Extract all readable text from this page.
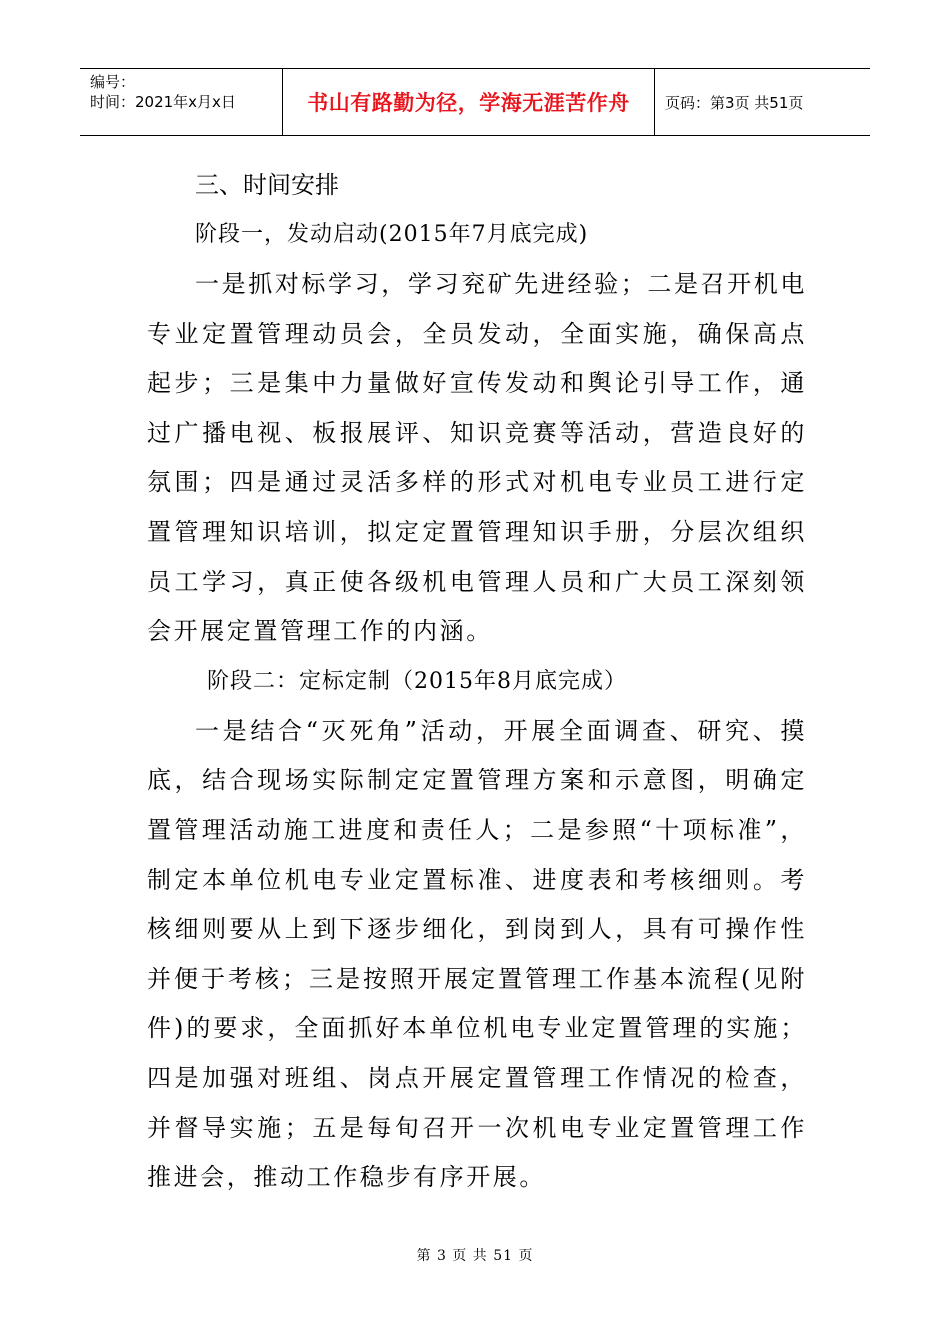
编号：
时间：2021年x月x日	书山有路勤为径，学海无涯苦作舟	页码：第3页 共51页
三、时间安排
阶段一，发动启动(2015年7月底完成)

一是抓对标学习，学习兖矿先进经验；二是召开机电专业定置管理动员会，全员发动，全面实施，确保高点起步；三是集中力量做好宣传发动和舆论引导工作，通过广播电视、板报展评、知识竞赛等活动，营造良好的氛围；四是通过灵活多样的形式对机电专业员工进行定置管理知识培训，拟定定置管理知识手册，分层次组织员工学习，真正使各级机电管理人员和广大员工深刻领会开展定置管理工作的内涵。

阶段二：定标定制（2015年8月底完成）

一是结合“灭死角”活动，开展全面调查、研究、摸底，结合现场实际制定定置管理方案和示意图，明确定置管理活动施工进度和责任人；二是参照“十项标准”，制定本单位机电专业定置标准、进度表和考核细则。考核细则要从上到下逐步细化，到岗到人，具有可操作性并便于考核；三是按照开展定置管理工作基本流程(见附件)的要求，全面抓好本单位机电专业定置管理的实施；四是加强对班组、岗点开展定置管理工作情况的检查，并督导实施；五是每旬召开一次机电专业定置管理工作推进会，推动工作稳步有序开展。

第 3 页 共 51 页
